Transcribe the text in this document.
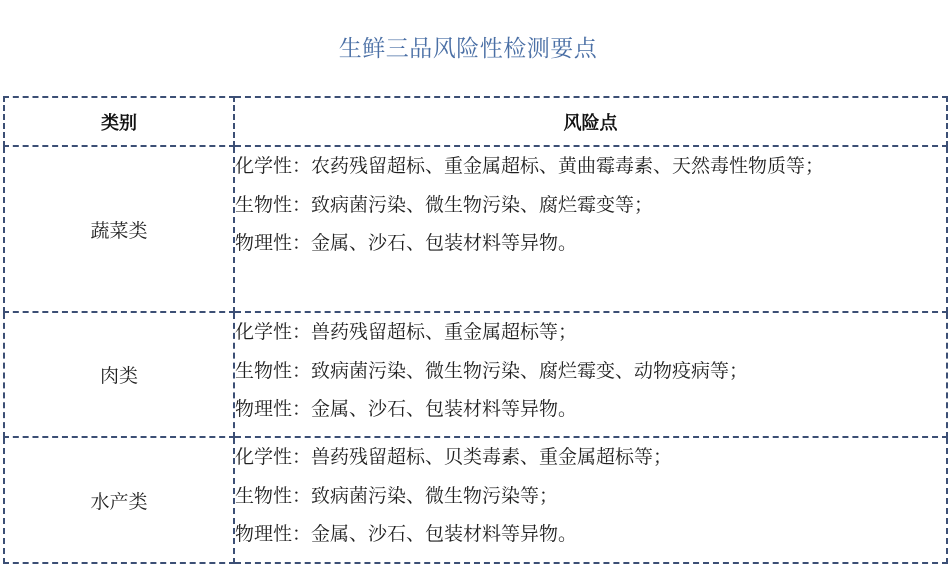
生鲜三品风险性检测要点
类别	风险点
蔬菜类	化学性：农药残留超标、重金属超标、黄曲霉毒素、天然毒性物质等；
生物性：致病菌污染、微生物污染、腐烂霉变等；
物理性：金属、沙石、包装材料等异物。

肉类	化学性：兽药残留超标、重金属超标等；
生物性：致病菌污染、微生物污染、腐烂霉变、动物疫病等；
物理性：金属、沙石、包装材料等异物。

水产类	化学性：兽药残留超标、贝类毒素、重金属超标等；
生物性：致病菌污染、微生物污染等；
物理性：金属、沙石、包装材料等异物。
